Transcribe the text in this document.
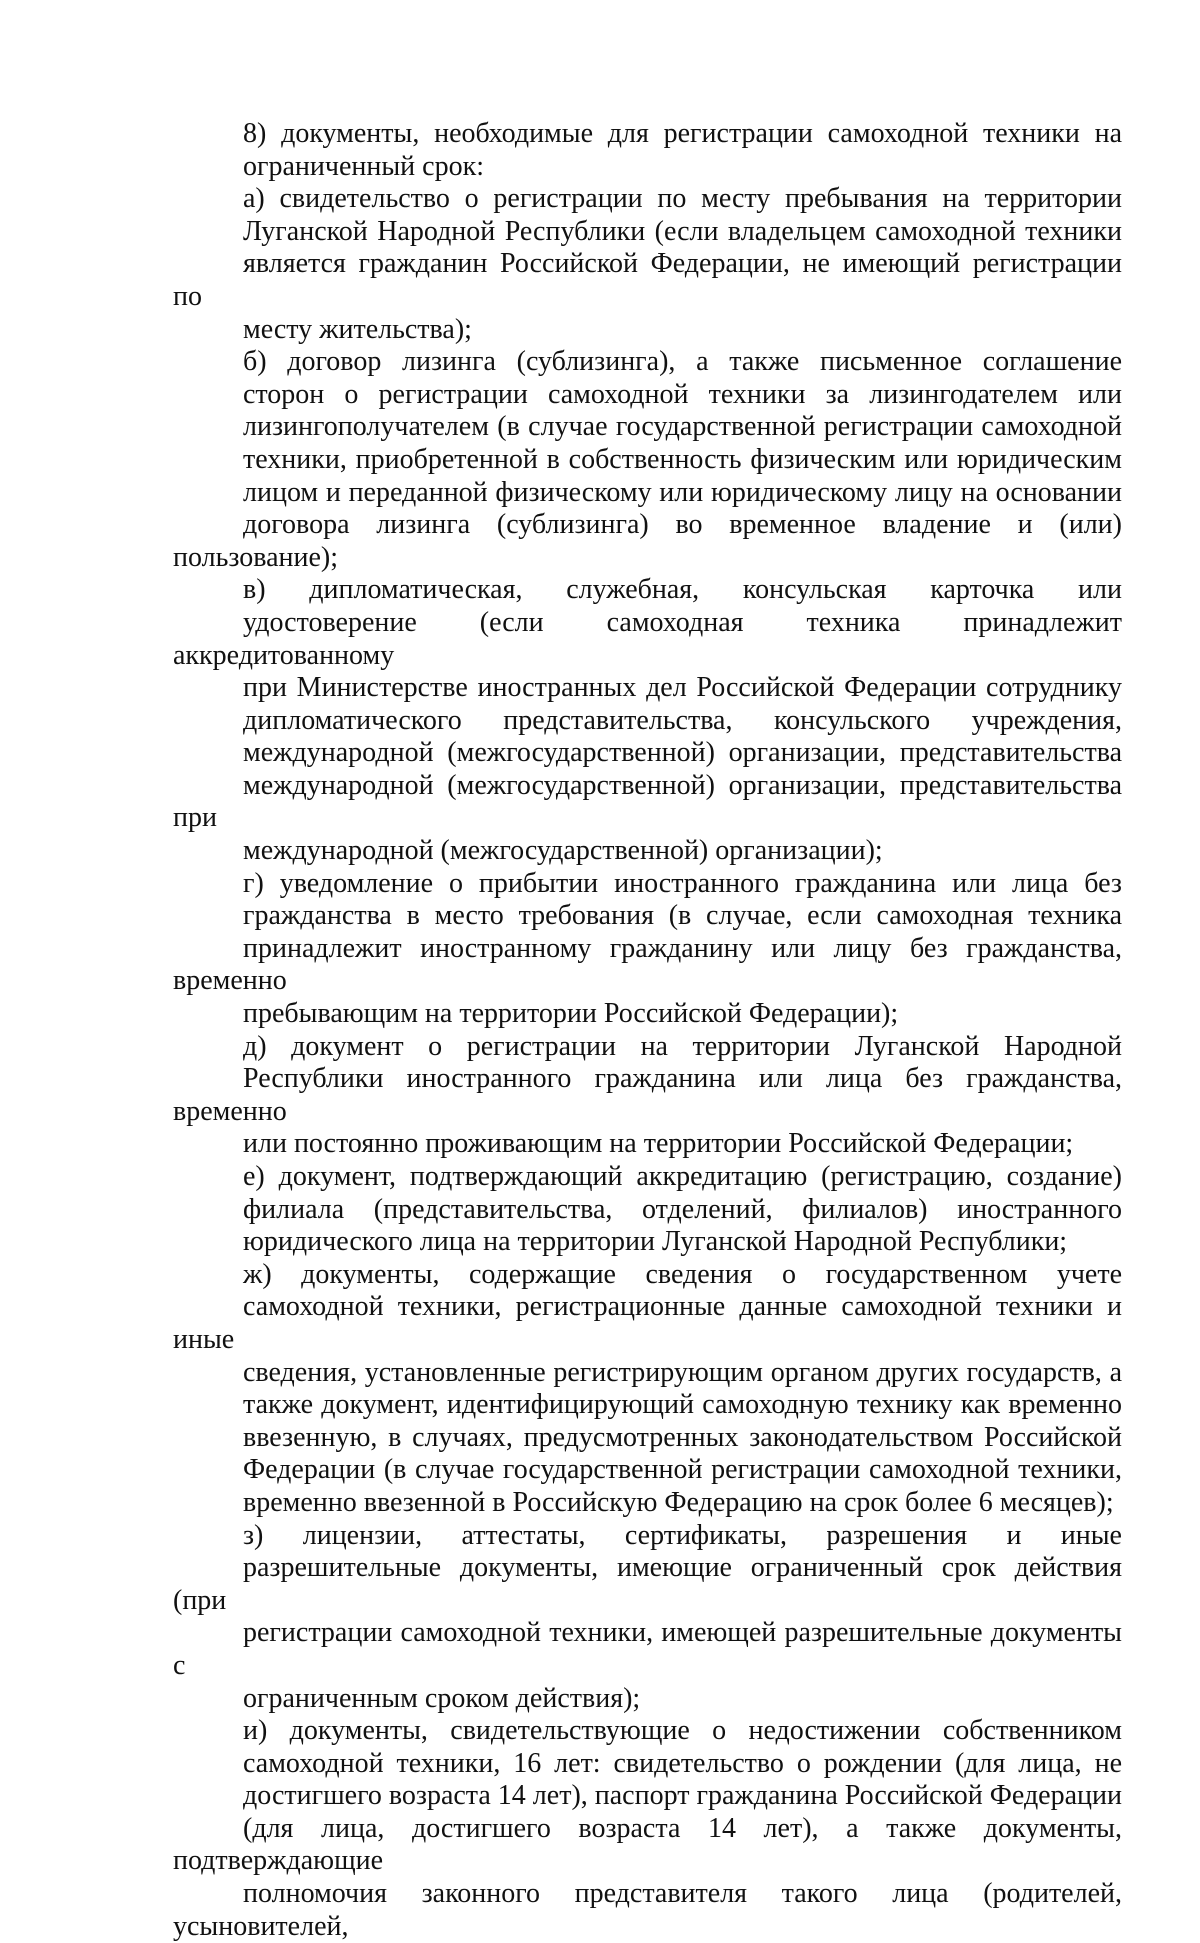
8) документы, необходимые для регистрации самоходной техники на
ограниченный срок:
а) свидетельство о регистрации по месту пребывания на территории
Луганской Народной Республики (если владельцем самоходной техники
является гражданин Российской Федерации, не имеющий регистрации по
месту жительства);
б) договор лизинга (сублизинга), а также письменное соглашение
сторон о регистрации самоходной техники за лизингодателем или
лизингополучателем (в случае государственной регистрации самоходной
техники, приобретенной в собственность физическим или юридическим
лицом и переданной физическому или юридическому лицу на основании
договора лизинга (сублизинга) во временное владение и (или) пользование);
в) дипломатическая, служебная, консульская карточка или
удостоверение (если самоходная техника принадлежит аккредитованному
при Министерстве иностранных дел Российской Федерации сотруднику
дипломатического представительства, консульского учреждения,
международной (межгосударственной) организации, представительства
международной (межгосударственной) организации, представительства при
международной (межгосударственной) организации);
г) уведомление о прибытии иностранного гражданина или лица без
гражданства в место требования (в случае, если самоходная техника
принадлежит иностранному гражданину или лицу без гражданства, временно
пребывающим на территории Российской Федерации);
д) документ о регистрации на территории Луганской Народной
Республики иностранного гражданина или лица без гражданства, временно
или постоянно проживающим на территории Российской Федерации;
е) документ, подтверждающий аккредитацию (регистрацию, создание)
филиала (представительства, отделений, филиалов) иностранного
юридического лица на территории Луганской Народной Республики;
ж) документы, содержащие сведения о государственном учете
самоходной техники, регистрационные данные самоходной техники и иные
сведения, установленные регистрирующим органом других государств, а
также документ, идентифицирующий самоходную технику как временно
ввезенную, в случаях, предусмотренных законодательством Российской
Федерации (в случае государственной регистрации самоходной техники,
временно ввезенной в Российскую Федерацию на срок более 6 месяцев);
з) лицензии, аттестаты, сертификаты, разрешения и иные
разрешительные документы, имеющие ограниченный срок действия (при
регистрации самоходной техники, имеющей разрешительные документы с
ограниченным сроком действия);
и) документы, свидетельствующие о недостижении собственником
самоходной техники, 16 лет: свидетельство о рождении (для лица, не
достигшего возраста 14 лет), паспорт гражданина Российской Федерации
(для лица, достигшего возраста 14 лет), а также документы, подтверждающие
полномочия законного представителя такого лица (родителей, усыновителей,
